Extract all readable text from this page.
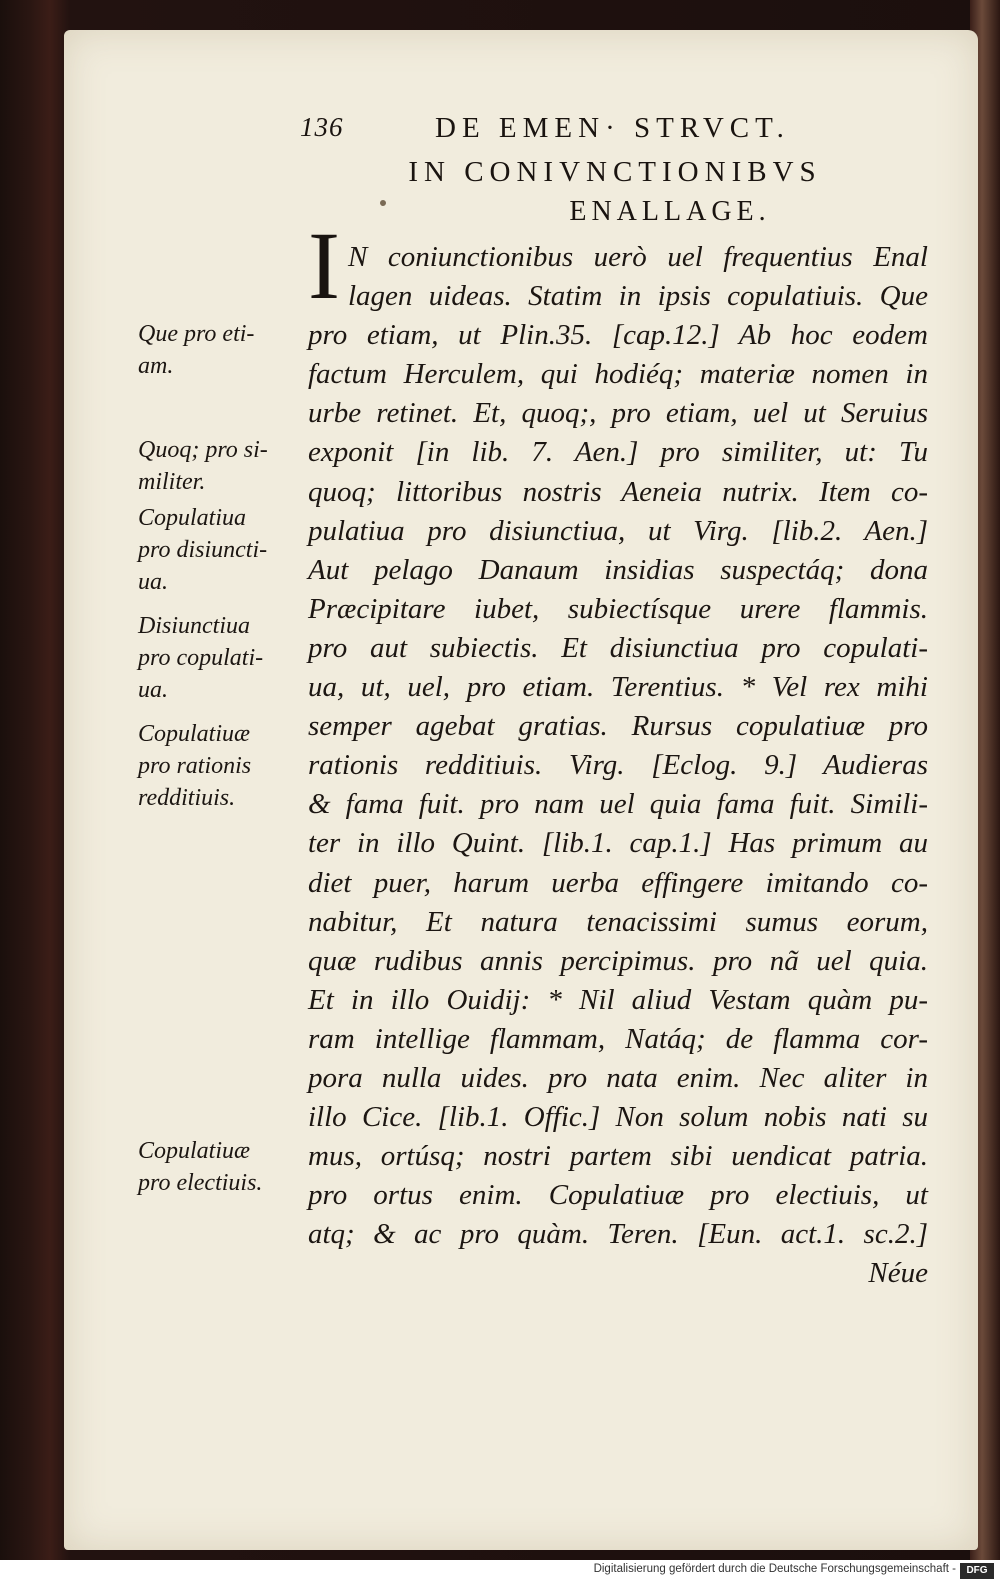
136	DE EMEN· STRVCT.
IN CONIVNCTIONIBVS
ENALLAGE.
I N coniunctionibus uerò uel frequentius Enal
lagen uideas. Statim in ipsis copulatiuis. Que
pro etiam, ut Plin.35. [cap.12.] Ab hoc eodem
factum Herculem, qui hodiéq; materiæ nomen in
urbe retinet. Et, quoq;, pro etiam, uel ut Seruius
exponit [in lib. 7. Aen.] pro similiter, ut: Tu
quoq; littoribus nostris Aeneia nutrix. Item co-
pulatiua pro disiunctiua, ut Virg. [lib.2. Aen.]
Aut pelago Danaum insidias suspectáq; dona
Præcipitare iubet, subiectísque urere flammis.
pro aut subiectis. Et disiunctiua pro copulati-
ua, ut, uel, pro etiam. Terentius. * Vel rex mihi
semper agebat gratias. Rursus copulatiuæ pro
rationis redditiuis. Virg. [Eclog. 9.] Audieras
& fama fuit. pro nam uel quia fama fuit. Simili-
ter in illo Quint. [lib.1. cap.1.] Has primum au
diet puer, harum uerba effingere imitando co-
nabitur, Et natura tenacissimi sumus eorum,
quæ rudibus annis percipimus. pro nã uel quia.
Et in illo Ouidij: * Nil aliud Vestam quàm pu-
ram intellige flammam, Natáq; de flamma cor-
pora nulla uides. pro nata enim. Nec aliter in
illo Cice. [lib.1. Offic.] Non solum nobis nati su
mus, ortúsq; nostri partem sibi uendicat patria.
pro ortus enim. Copulatiuæ pro electiuis, ut
atq; & ac pro quàm. Teren. [Eun. act.1. sc.2.]
Néue
Que pro eti-
am.
Quoq; pro si-
militer.
Copulatiua
pro disiuncti-
ua.
Disiunctiua
pro copulati-
ua.
Copulatiuæ
pro rationis
redditiuis.
Copulatiuæ
pro electiuis.
Digitalisierung gefördert durch die Deutsche Forschungsgemeinschaft -	DFG
